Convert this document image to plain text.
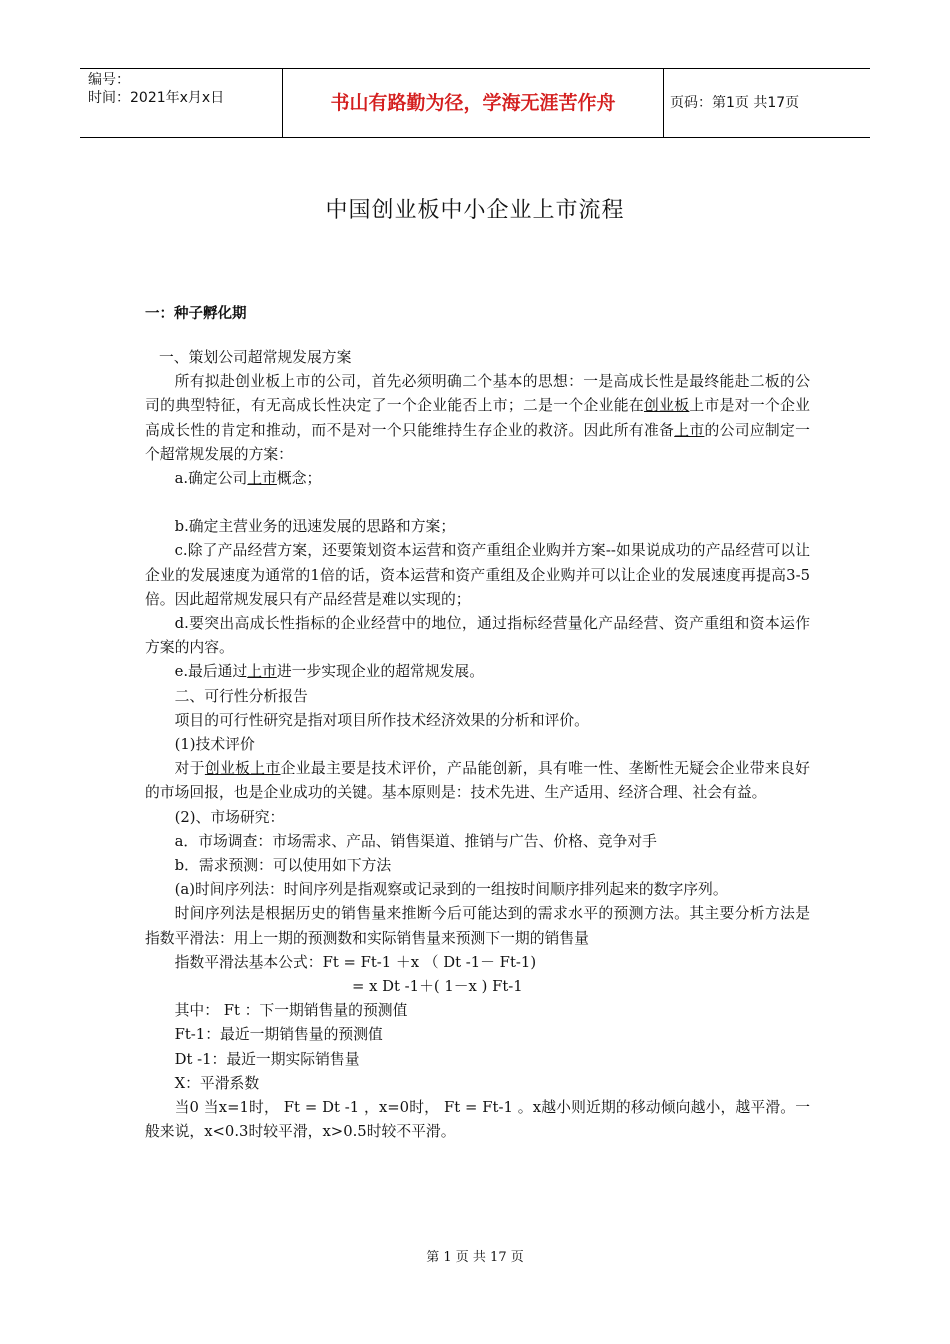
编号：
时间：2021年x月x日	书山有路勤为径，学海无涯苦作舟	页码：第1页 共17页
中国创业板中小企业上市流程
一：种子孵化期

一、策划公司超常规发展方案

所有拟赴创业板上市的公司，首先必须明确二个基本的思想：一是高成长性是最终能赴二板的公司的典型特征，有无高成长性决定了一个企业能否上市；二是一个企业能在创业板上市是对一个企业高成长性的肯定和推动，而不是对一个只能维持生存企业的救济。因此所有准备上市的公司应制定一个超常规发展的方案：

a.确定公司上市概念；

b.确定主营业务的迅速发展的思路和方案；

c.除了产品经营方案，还要策划资本运营和资产重组企业购并方案--如果说成功的产品经营可以让企业的发展速度为通常的1倍的话，资本运营和资产重组及企业购并可以让企业的发展速度再提高3-5倍。因此超常规发展只有产品经营是难以实现的；

d.要突出高成长性指标的企业经营中的地位，通过指标经营量化产品经营、资产重组和资本运作方案的内容。

e.最后通过上市进一步实现企业的超常规发展。

二、可行性分析报告

项目的可行性研究是指对项目所作技术经济效果的分析和评价。

(1)技术评价

对于创业板上市企业最主要是技术评价，产品能创新，具有唯一性、垄断性无疑会企业带来良好的市场回报，也是企业成功的关键。基本原则是：技术先进、生产适用、经济合理、社会有益。

(2)、市场研究：

a．市场调查：市场需求、产品、销售渠道、推销与广告、价格、竞争对手

b．需求预测：可以使用如下方法

(a)时间序列法：时间序列是指观察或记录到的一组按时间顺序排列起来的数字序列。

时间序列法是根据历史的销售量来推断今后可能达到的需求水平的预测方法。其主要分析方法是指数平滑法：用上一期的预测数和实际销售量来预测下一期的销售量

指数平滑法基本公式：Ft = Ft-1 ＋x （ Dt -1－ Ft-1)

= x Dt -1＋( 1－x ) Ft-1

其中： Ft ：下一期销售量的预测值

Ft-1：最近一期销售量的预测值

Dt -1：最近一期实际销售量

X：平滑系数

当0 当x=1时， Ft = Dt -1 ，x=0时， Ft = Ft-1 。x越小则近期的移动倾向越小，越平滑。一般来说，x<0.3时较平滑，x>0.5时较不平滑。

第 1 页 共 17 页
